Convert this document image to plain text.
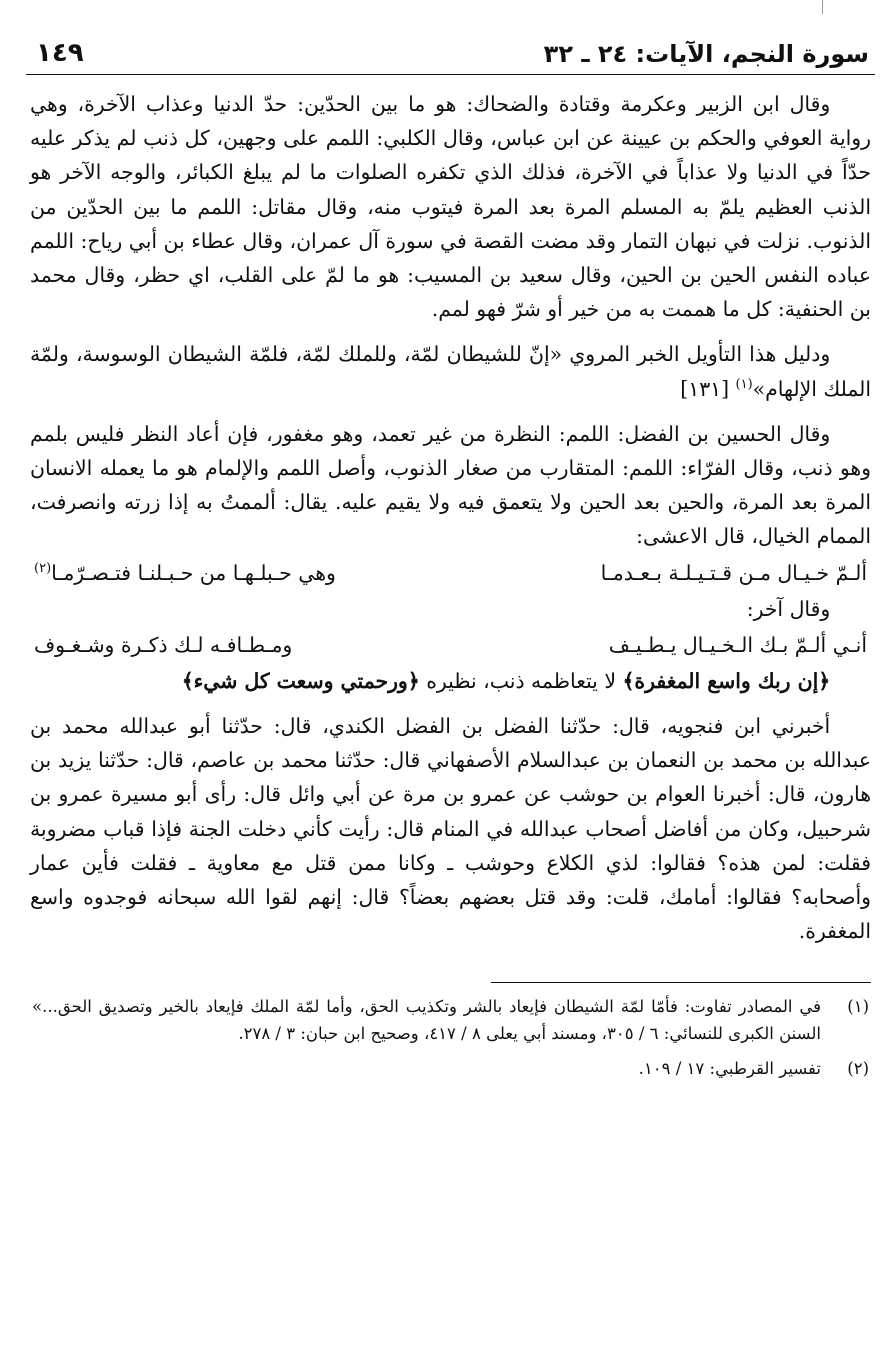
سورة النجم، الآيات: ٢٤ ـ ٣٢
١٤٩

وقال ابن الزبير وعكرمة وقتادة والضحاك: هو ما بين الحدّين: حدّ الدنيا وعذاب الآخرة، وهي رواية العوفي والحكم بن عيينة عن ابن عباس، وقال الكلبي: اللمم على وجهين، كل ذنب لم يذكر عليه حدّاً في الدنيا ولا عذاباً في الآخرة، فذلك الذي تكفره الصلوات ما لم يبلغ الكبائر، والوجه الآخر هو الذنب العظيم يلمّ به المسلم المرة بعد المرة فيتوب منه، وقال مقاتل: اللمم ما بين الحدّين من الذنوب. نزلت في نبهان التمار وقد مضت القصة في سورة آل عمران، وقال عطاء بن أبي رياح: اللمم عباده النفس الحين بن الحين، وقال سعيد بن المسيب: هو ما لمّ على القلب، اي حظر، وقال محمد بن الحنفية: كل ما هممت به من خير أو شرّ فهو لمم.

ودليل هذا التأويل الخبر المروي «إنّ للشيطان لمّة، وللملك لمّة، فلمّة الشيطان الوسوسة، ولمّة الملك الإلهام»$^{(١)}$ [١٣١]

وقال الحسين بن الفضل: اللمم: النظرة من غير تعمد، وهو مغفور، فإن أعاد النظر فليس بلمم وهو ذنب، وقال الفرّاء: اللمم: المتقارب من صغار الذنوب، وأصل اللمم والإلمام هو ما يعمله الانسان المرة بعد المرة، والحين بعد الحين ولا يتعمق فيه ولا يقيم عليه. يقال: ألممتُ به إذا زرته وانصرفت، الممام الخيال، قال الاعشى:

ألـمّ خـيـال مـن قـتـيـلـة بـعـدمـا
وهي حـبلـهـا من حـبـلنـا فتـصـرّمـا$^{(٢)}$

وقال آخر:

أنـي ألـمّ بـك الـخـيـال يـطـيـف
ومـطـافـه لـك ذكـرة وشـغـوف

﴿إن ربك واسع المغفرة﴾ لا يتعاظمه ذنب، نظيره ﴿ورحمتي وسعت كل شيء﴾

أخبرني ابن فنجويه، قال: حدّثنا الفضل بن الفضل الكندي، قال: حدّثنا أبو عبدالله محمد بن عبدالله بن محمد بن النعمان بن عبدالسلام الأصفهاني قال: حدّثنا محمد بن عاصم، قال: حدّثنا يزيد بن هارون، قال: أخبرنا العوام بن حوشب عن عمرو بن مرة عن أبي وائل قال: رأى أبو مسيرة عمرو بن شرحبيل، وكان من أفاضل أصحاب عبدالله في المنام قال: رأيت كأني دخلت الجنة فإذا قباب مضروبة فقلت: لمن هذه؟ فقالوا: لذي الكلاع وحوشب ـ وكانا ممن قتل مع معاوية ـ فقلت فأين عمار وأصحابه؟ فقالوا: أمامك، قلت: وقد قتل بعضهم بعضاً؟ قال: إنهم لقوا الله سبحانه فوجدوه واسع المغفرة.

(١)
في المصادر تفاوت: فأمّا لمّة الشيطان فإيعاد بالشر وتكذيب الحق، وأما لمّة الملك فإيعاد بالخير وتصديق الحق...» السنن الكبرى للنسائي: ٦ / ٣٠٥، ومسند أبي يعلى ٨ / ٤١٧، وصحيح ابن حبان: ٣ / ٢٧٨.
(٢)
تفسير القرطبي: ١٧ / ١٠٩.
